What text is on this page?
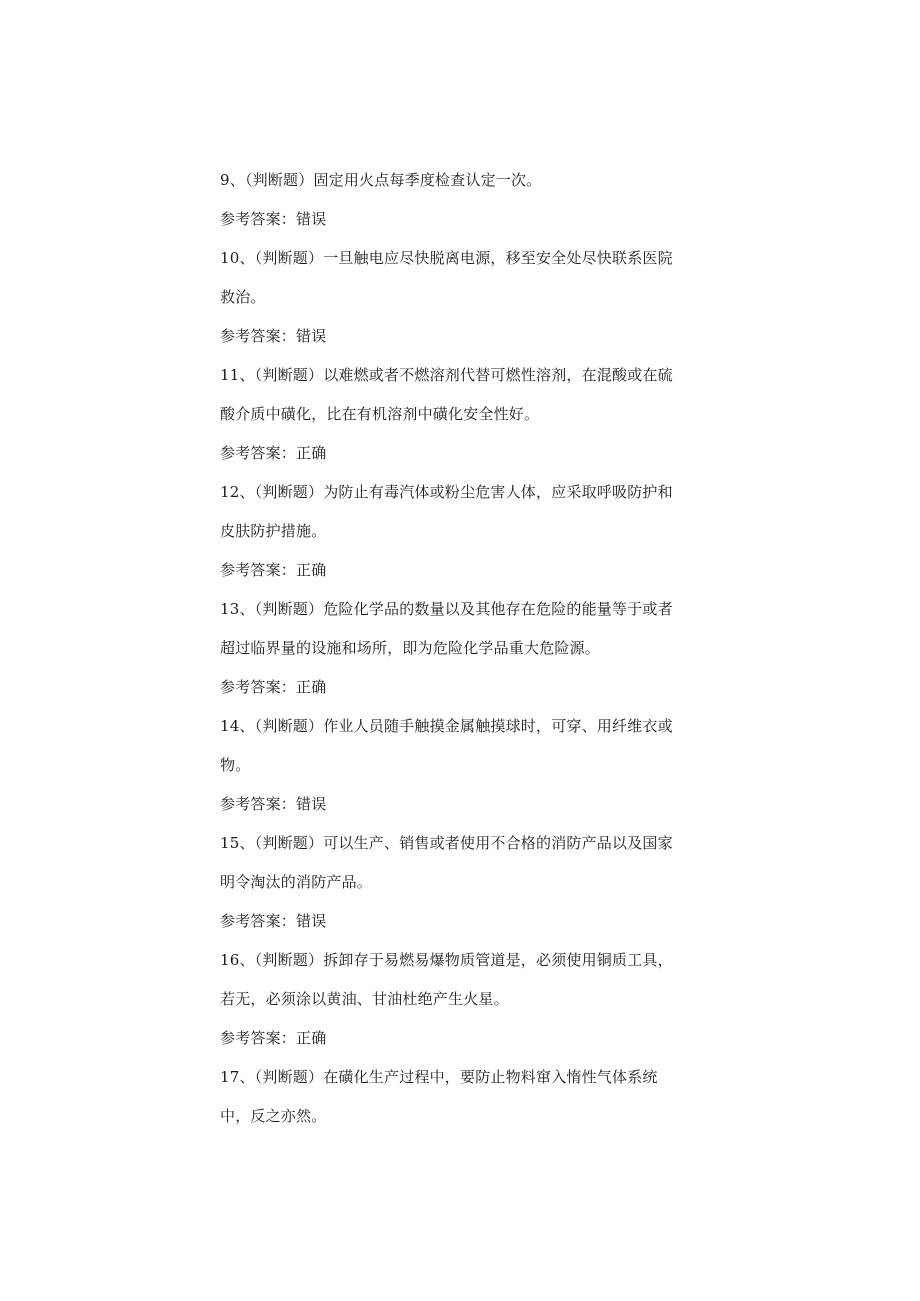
9、（判断题）固定用火点每季度检查认定一次。
参考答案：错误
10、（判断题）一旦触电应尽快脱离电源，移至安全处尽快联系医院
救治。
参考答案：错误
11、（判断题）以难燃或者不燃溶剂代替可燃性溶剂，在混酸或在硫
酸介质中磺化，比在有机溶剂中磺化安全性好。
参考答案：正确
12、（判断题）为防止有毒汽体或粉尘危害人体，应采取呼吸防护和
皮肤防护措施。
参考答案：正确
13、（判断题）危险化学品的数量以及其他存在危险的能量等于或者
超过临界量的设施和场所，即为危险化学品重大危险源。
参考答案：正确
14、（判断题）作业人员随手触摸金属触摸球时，可穿、用纤维衣或
物。
参考答案：错误
15、（判断题）可以生产、销售或者使用不合格的消防产品以及国家
明令淘汰的消防产品。
参考答案：错误
16、（判断题）拆卸存于易燃易爆物质管道是，必须使用铜质工具，
若无，必须涂以黄油、甘油杜绝产生火星。
参考答案：正确
17、（判断题）在磺化生产过程中，要防止物料窜入惰性气体系统
中，反之亦然。
